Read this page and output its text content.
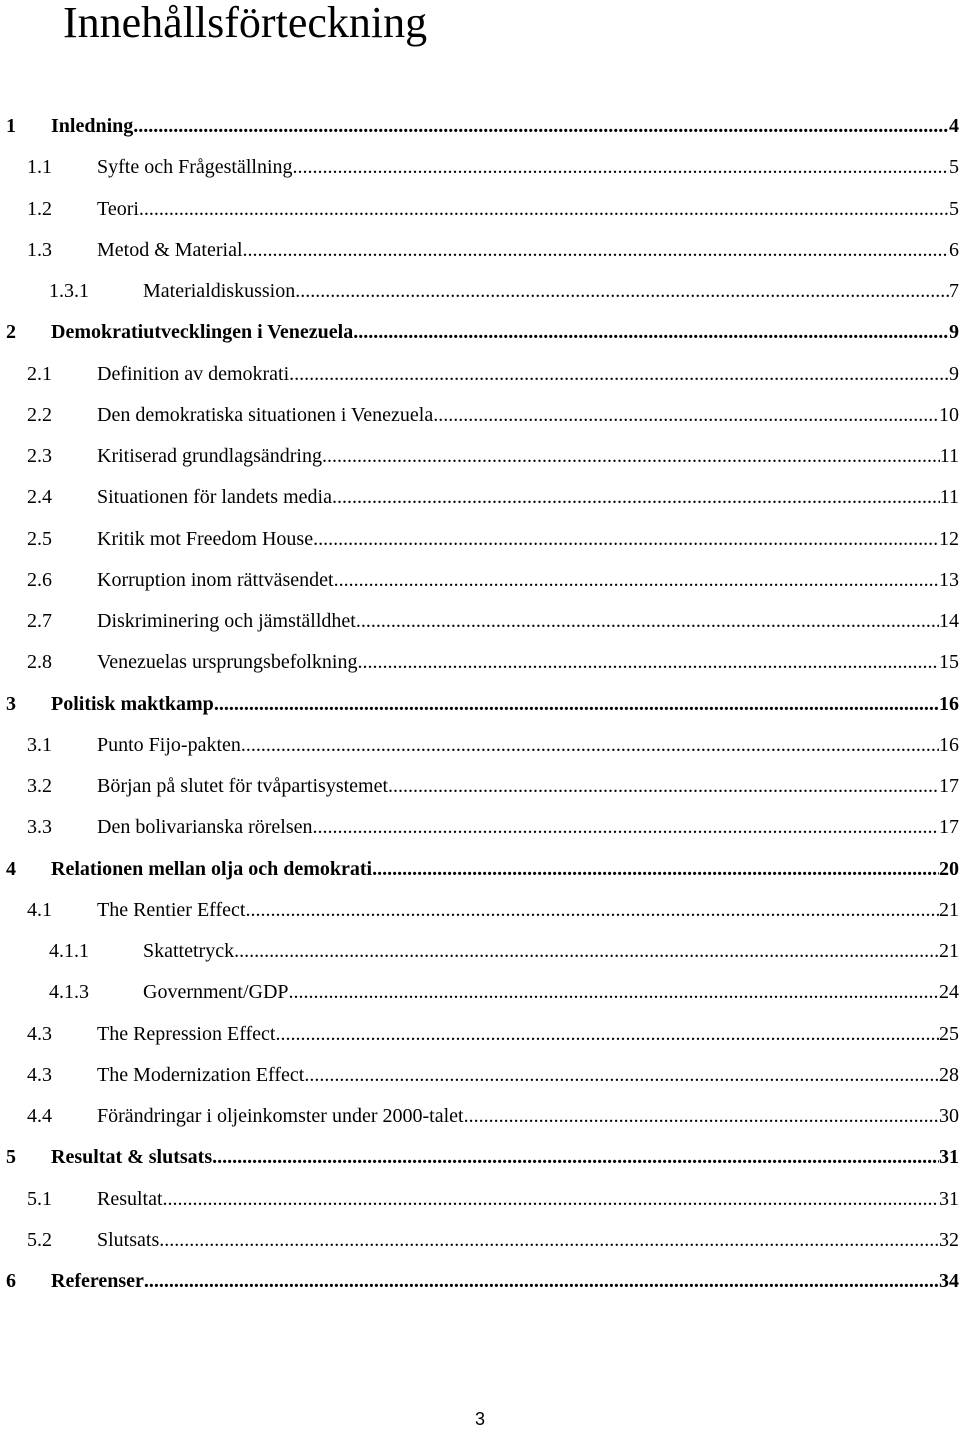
Innehållsförteckning
1 Inledning .....	4
1.1 Syfte och Frågeställning .....	5
1.2 Teori .....	5
1.3 Metod & Material .....	6
1.3.1	Materialdiskussion .....	7
2 Demokratiutvecklingen i Venezuela .....	9
2.1 Definition av demokrati .....	9
2.2 Den demokratiska situationen i Venezuela .....	10
2.3 Kritiserad grundlagsändring .....	11
2.4 Situationen för landets media .....	11
2.5 Kritik mot Freedom House .....	12
2.6 Korruption inom rättväsendet .....	13
2.7 Diskriminering och jämställdhet .....	14
2.8 Venezuelas ursprungsbefolkning .....	15
3 Politisk maktkamp .....	16
3.1 Punto Fijo-pakten .....	16
3.2 Början på slutet för tvåpartisystemet .....	17
3.3 Den bolivarianska rörelsen .....	17
4 Relationen mellan olja och demokrati .....	20
4.1 The Rentier Effect .....	21
4.1.1	Skattetryck .....	21
4.1.3	Government/GDP .....	24
4.3 The Repression Effect .....	25
4.3 The Modernization Effect .....	28
4.4 Förändringar i oljeinkomster under 2000-talet .....	30
5 Resultat & slutsats .....	31
5.1 Resultat .....	31
5.2 Slutsats .....	32
6 Referenser .....	34
3
